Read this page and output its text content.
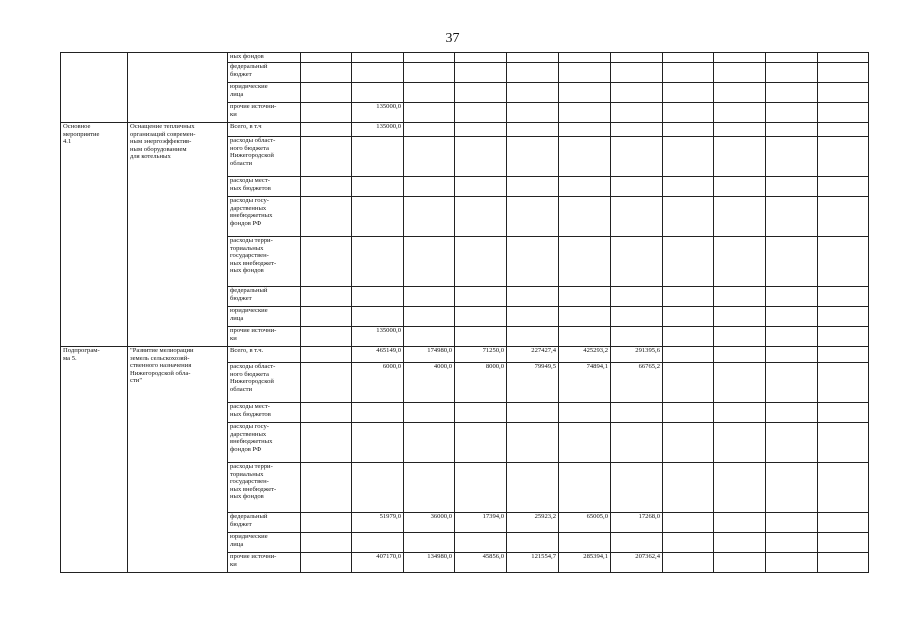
37
		ных фондов											
		федеральный
бюджет											
		юридические
лица											
		прочие источни-
ки		135000,0									
Основное
мероприятие
4.1	Оснащение тепличных
организаций современ-
ным энергоэффектив-
ным оборудованием
для котельных	Всего, в т.ч		135000,0									
		расходы област-
ного бюджета
Нижегородской
области											
		расходы мест-
ных бюджетов											
		расходы госу-
дарственных
внебюджетных
фондов РФ											
		расходы терри-
ториальных
государствен-
ных внебюджет-
ных фондов											
		федеральный
бюджет											
		юридические
лица											
		прочие источни-
ки		135000,0									
Подпрограм-
ма 5.	"Развитие мелиорации
земель сельскохозяй-
ственного назначения
Нижегородской обла-
сти"	Всего, в т.ч.		465149,0	174980,0	71250,0	227427,4	425293,2	291395,6				
		расходы област-
ного бюджета
Нижегородской
области		6000,0	4000,0	8000,0	79949,5	74894,1	66765,2				
		расходы мест-
ных бюджетов											
		расходы госу-
дарственных
внебюджетных
фондов РФ											
		расходы терри-
ториальных
государствен-
ных внебюджет-
ных фондов											
		федеральный
бюджет		51979,0	36000,0	17394,0	25923,2	65005,0	17268,0				
		юридические
лица											
		прочие источни-
ки		407170,0	134980,0	45856,0	121554,7	285394,1	207362,4				
